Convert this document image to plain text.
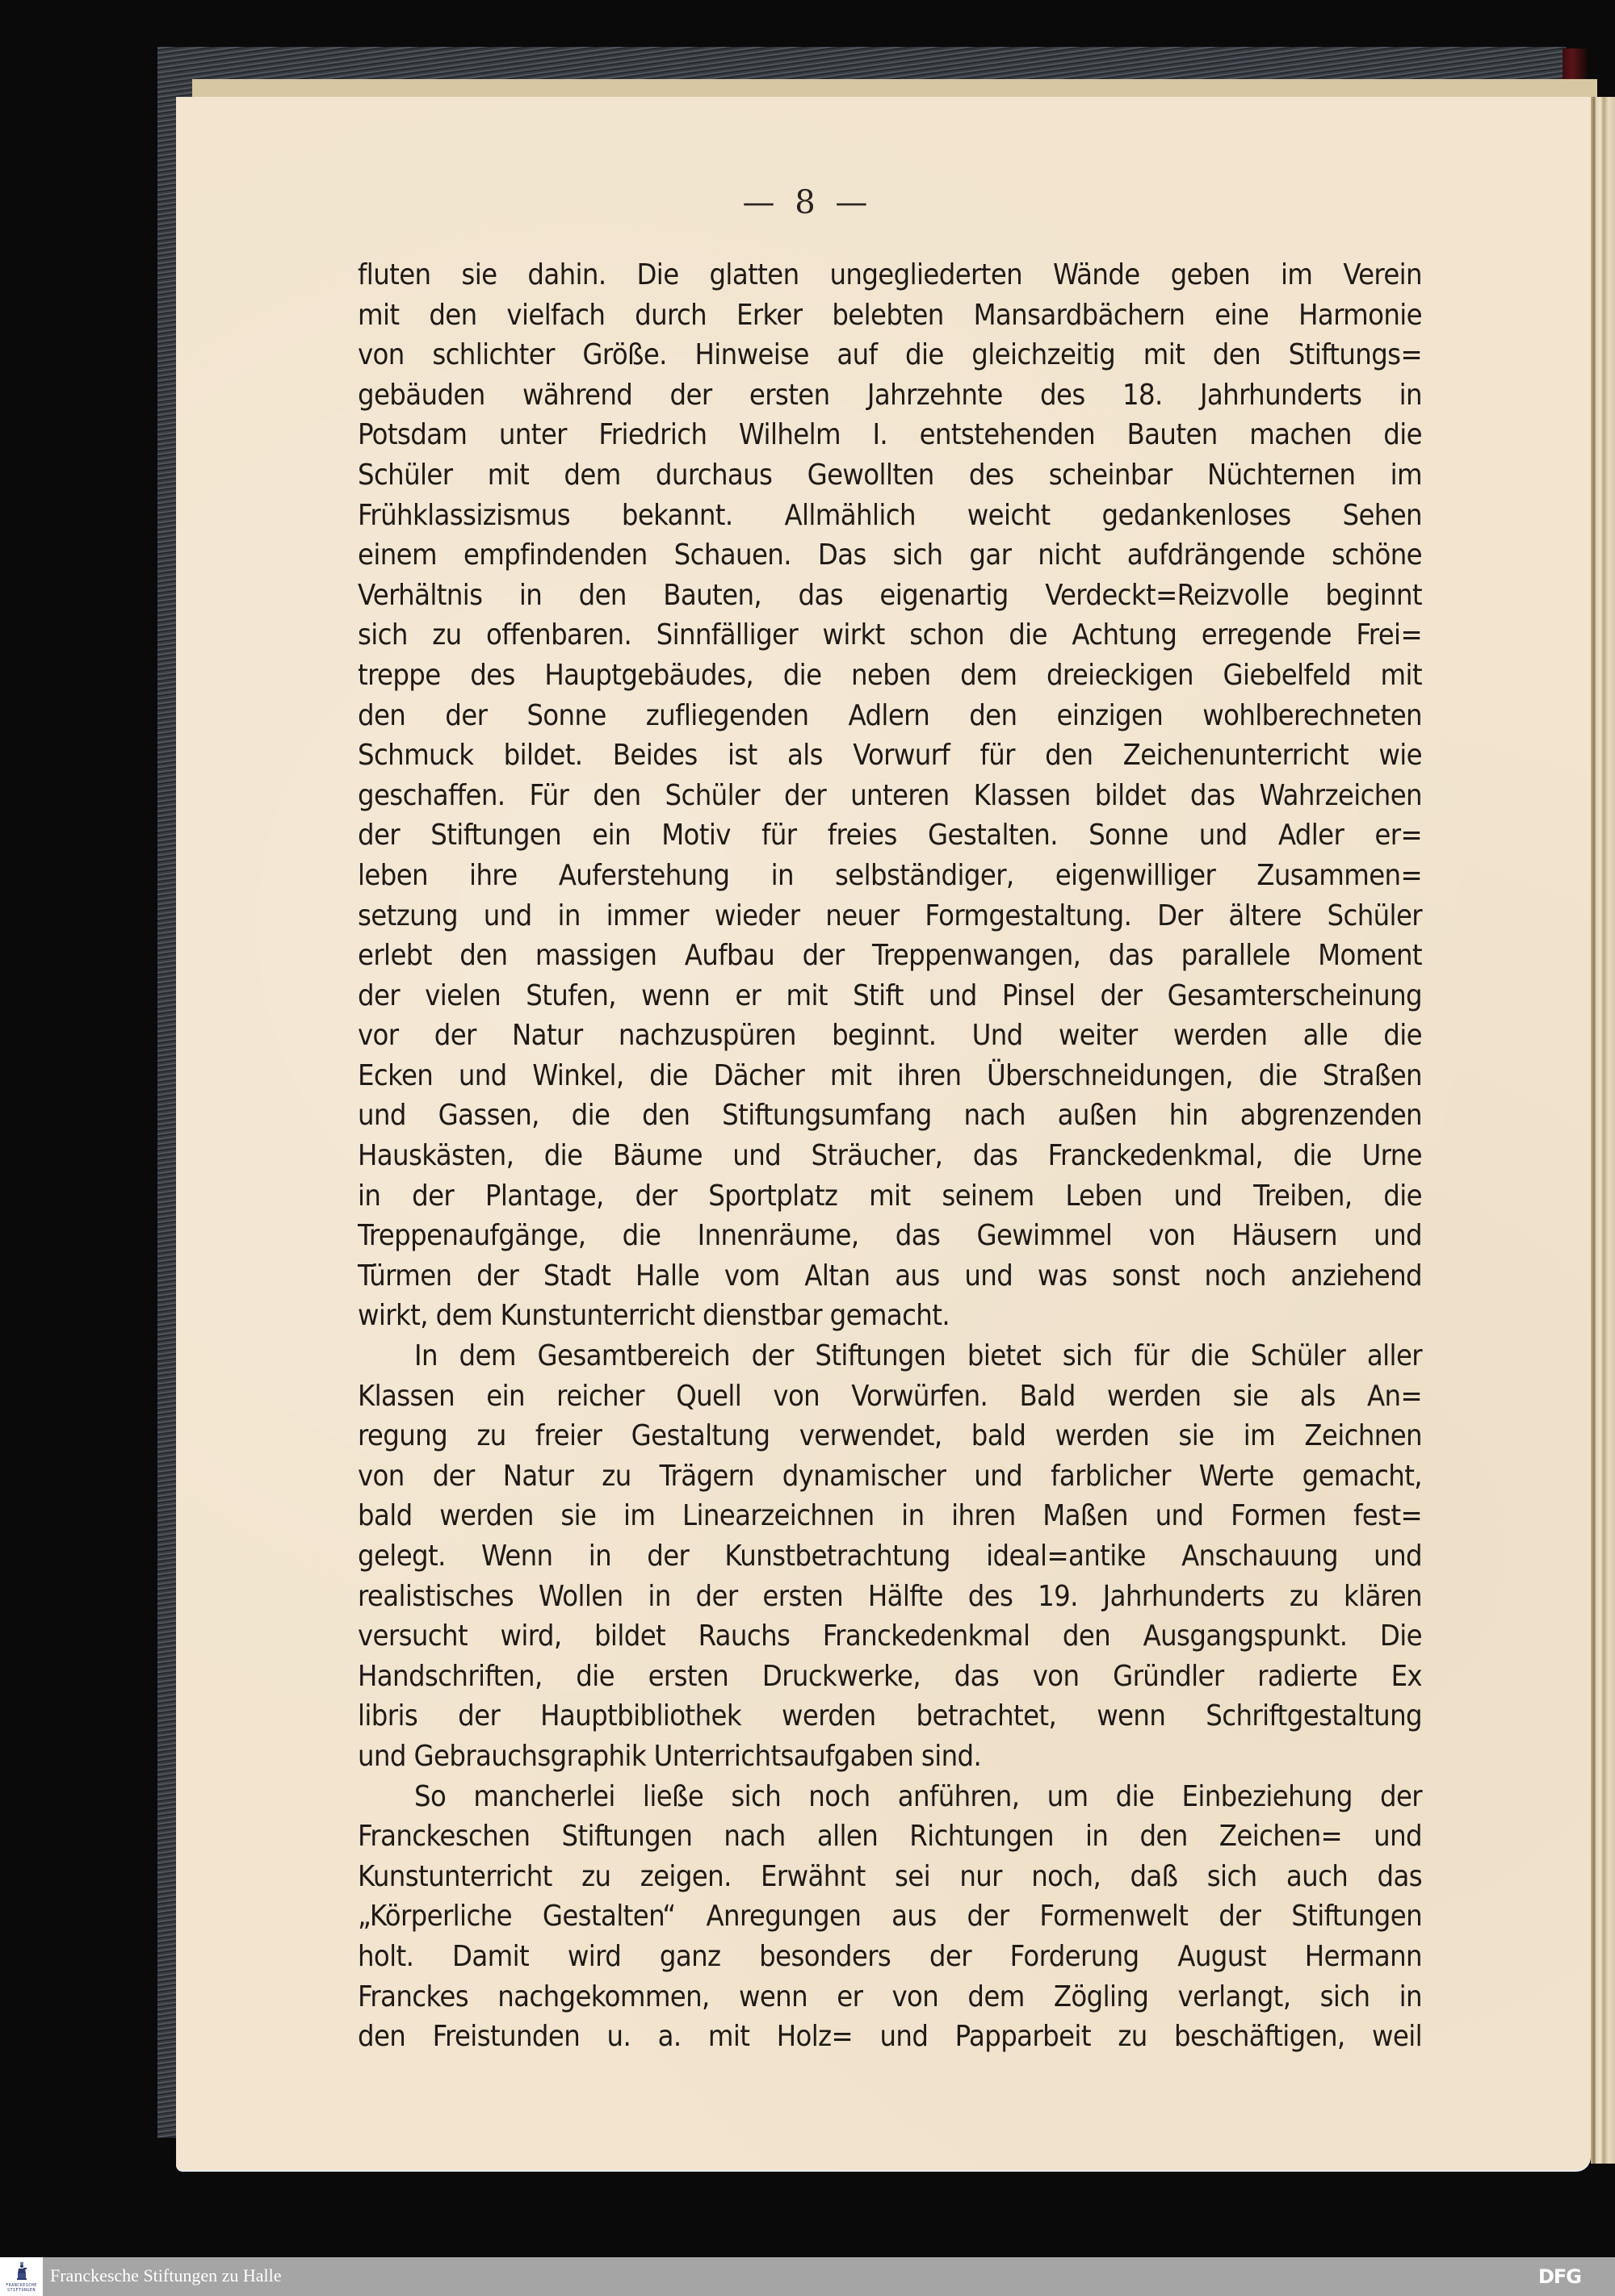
— 8 —
fluten sie dahin. Die glatten ungegliederten Wände geben im Verein
mit den vielfach durch Erker belebten Mansardbächern eine Harmonie
von schlichter Größe. Hinweise auf die gleichzeitig mit den Stiftungs=
gebäuden während der ersten Jahrzehnte des 18. Jahrhunderts in
Potsdam unter Friedrich Wilhelm I. entstehenden Bauten machen die
Schüler mit dem durchaus Gewollten des scheinbar Nüchternen im
Frühklassizismus bekannt. Allmählich weicht gedankenloses Sehen
einem empfindenden Schauen. Das sich gar nicht aufdrängende schöne
Verhältnis in den Bauten, das eigenartig Verdeckt=Reizvolle beginnt
sich zu offenbaren. Sinnfälliger wirkt schon die Achtung erregende Frei=
treppe des Hauptgebäudes, die neben dem dreieckigen Giebelfeld mit
den der Sonne zufliegenden Adlern den einzigen wohlberechneten
Schmuck bildet. Beides ist als Vorwurf für den Zeichenunterricht wie
geschaffen. Für den Schüler der unteren Klassen bildet das Wahrzeichen
der Stiftungen ein Motiv für freies Gestalten. Sonne und Adler er=
leben ihre Auferstehung in selbständiger, eigenwilliger Zusammen=
setzung und in immer wieder neuer Formgestaltung. Der ältere Schüler
erlebt den massigen Aufbau der Treppenwangen, das parallele Moment
der vielen Stufen, wenn er mit Stift und Pinsel der Gesamterscheinung
vor der Natur nachzuspüren beginnt. Und weiter werden alle die
Ecken und Winkel, die Dächer mit ihren Überschneidungen, die Straßen
und Gassen, die den Stiftungsumfang nach außen hin abgrenzenden
Hauskästen, die Bäume und Sträucher, das Franckedenkmal, die Urne
in der Plantage, der Sportplatz mit seinem Leben und Treiben, die
Treppenaufgänge, die Innenräume, das Gewimmel von Häusern und
Türmen der Stadt Halle vom Altan aus und was sonst noch anziehend
wirkt, dem Kunstunterricht dienstbar gemacht.
In dem Gesamtbereich der Stiftungen bietet sich für die Schüler aller
Klassen ein reicher Quell von Vorwürfen. Bald werden sie als An=
regung zu freier Gestaltung verwendet, bald werden sie im Zeichnen
von der Natur zu Trägern dynamischer und farblicher Werte gemacht,
bald werden sie im Linearzeichnen in ihren Maßen und Formen fest=
gelegt. Wenn in der Kunstbetrachtung ideal=antike Anschauung und
realistisches Wollen in der ersten Hälfte des 19. Jahrhunderts zu klären
versucht wird, bildet Rauchs Franckedenkmal den Ausgangspunkt. Die
Handschriften, die ersten Druckwerke, das von Gründler radierte Ex
libris der Hauptbibliothek werden betrachtet, wenn Schriftgestaltung
und Gebrauchsgraphik Unterrichtsaufgaben sind.
So mancherlei ließe sich noch anführen, um die Einbeziehung der
Franckeschen Stiftungen nach allen Richtungen in den Zeichen= und
Kunstunterricht zu zeigen. Erwähnt sei nur noch, daß sich auch das
„Körperliche Gestalten“ Anregungen aus der Formenwelt der Stiftungen
holt. Damit wird ganz besonders der Forderung August Hermann
Franckes nachgekommen, wenn er von dem Zögling verlangt, sich in
den Freistunden u. a. mit Holz= und Papparbeit zu beschäftigen, weil
FRANCKESCHE
STIFTUNGEN
Franckesche Stiftungen zu Halle	DFG
